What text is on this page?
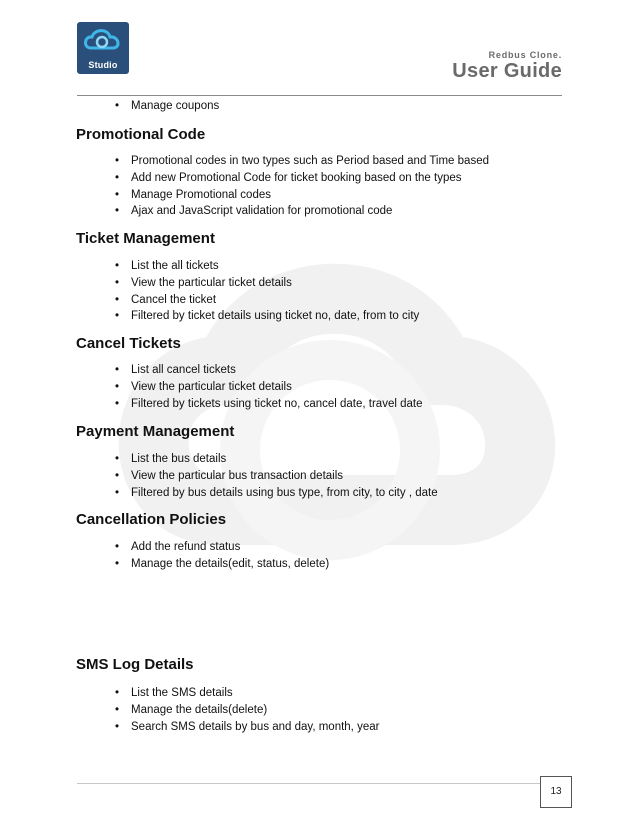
Studio
Redbus Clone.
User Guide
• Manage coupons
Promotional Code
• Promotional codes in two types such as Period based and Time based
• Add new Promotional Code for ticket booking based on the types
• Manage Promotional codes
• Ajax and JavaScript validation for promotional code
Ticket Management
• List the all tickets
• View the particular ticket details
• Cancel the ticket
• Filtered by ticket details using ticket no, date, from to city
Cancel Tickets
• List all cancel tickets
• View the particular ticket details
• Filtered by tickets using ticket no, cancel date, travel date
Payment Management
• List the bus details
• View the particular bus transaction details
• Filtered by bus details using bus type, from city, to city , date
Cancellation Policies
• Add the refund status
• Manage the details(edit, status, delete)
SMS Log Details
• List the SMS details
• Manage the details(delete)
• Search SMS details by bus and day, month, year
13
